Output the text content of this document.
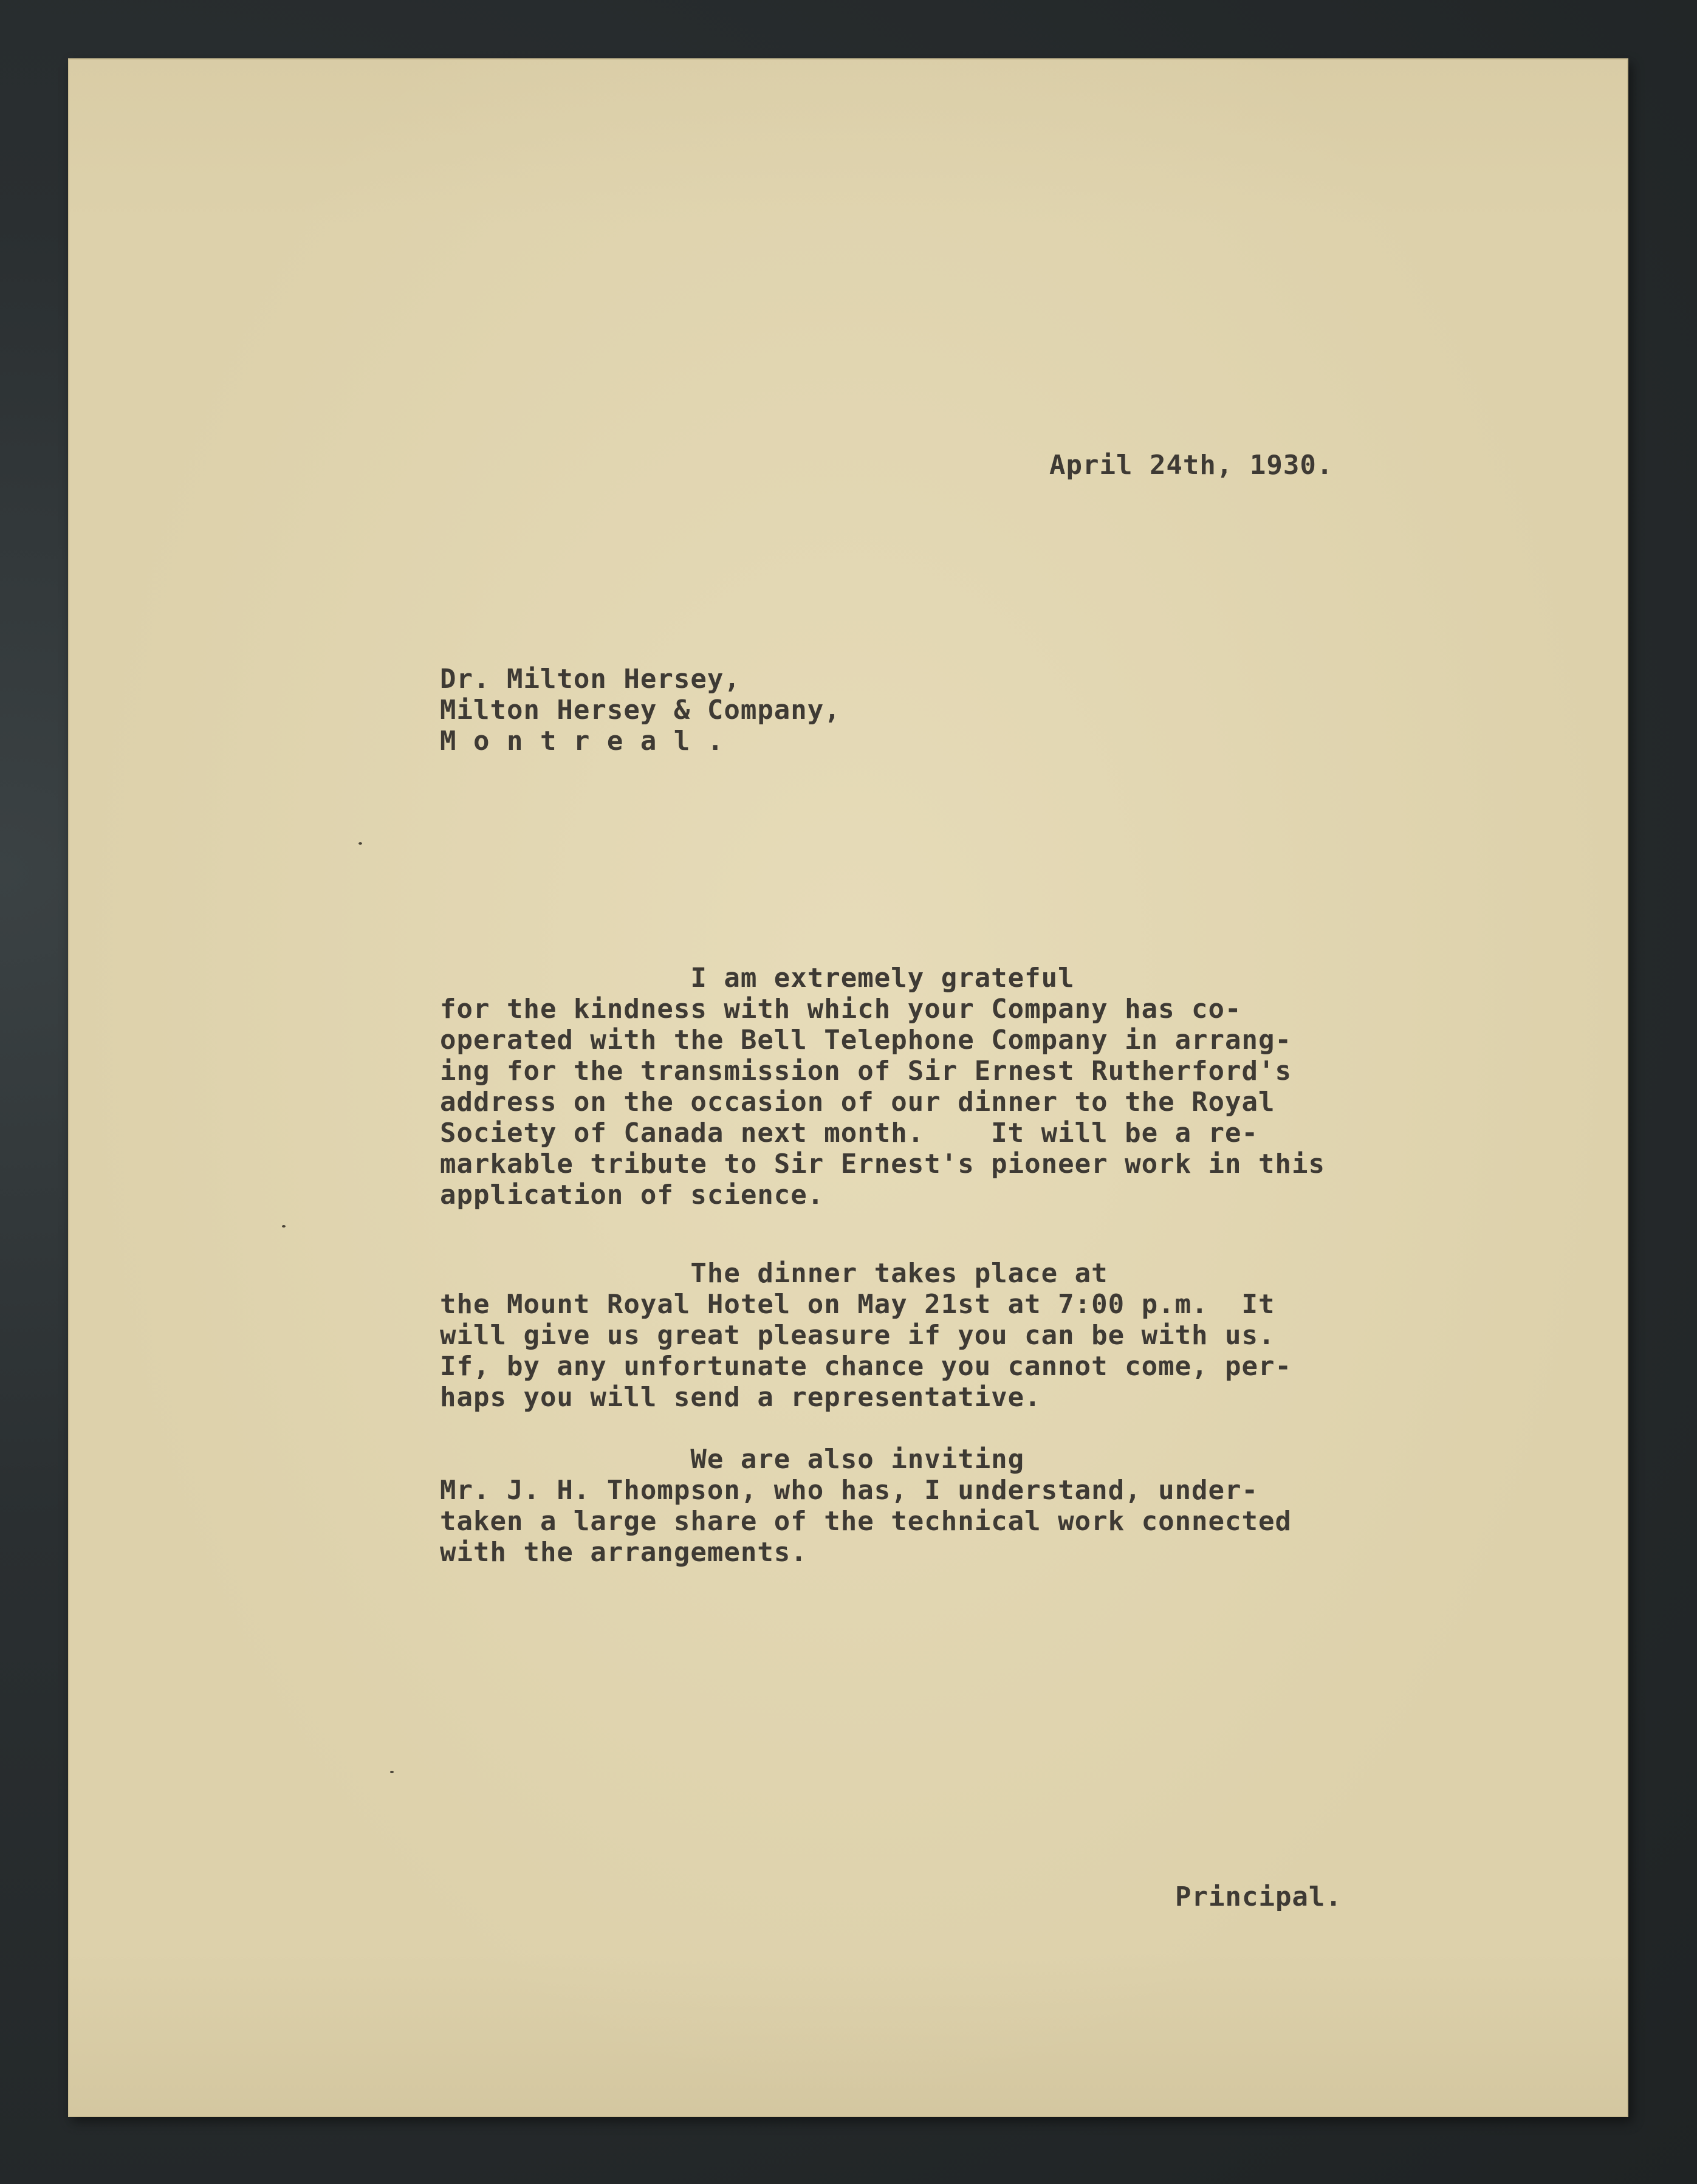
April 24th, 1930.
Dr. Milton Hersey,
Milton Hersey & Company,
M o n t r e a l .
I am extremely grateful
for the kindness with which your Company has co-
operated with the Bell Telephone Company in arrang-
ing for the transmission of Sir Ernest Rutherford's
address on the occasion of our dinner to the Royal
Society of Canada next month.    It will be a re-
markable tribute to Sir Ernest's pioneer work in this
application of science.
The dinner takes place at
the Mount Royal Hotel on May 21st at 7:00 p.m.  It
will give us great pleasure if you can be with us.
If, by any unfortunate chance you cannot come, per-
haps you will send a representative.
We are also inviting
Mr. J. H. Thompson, who has, I understand, under-
taken a large share of the technical work connected
with the arrangements.
Principal.
